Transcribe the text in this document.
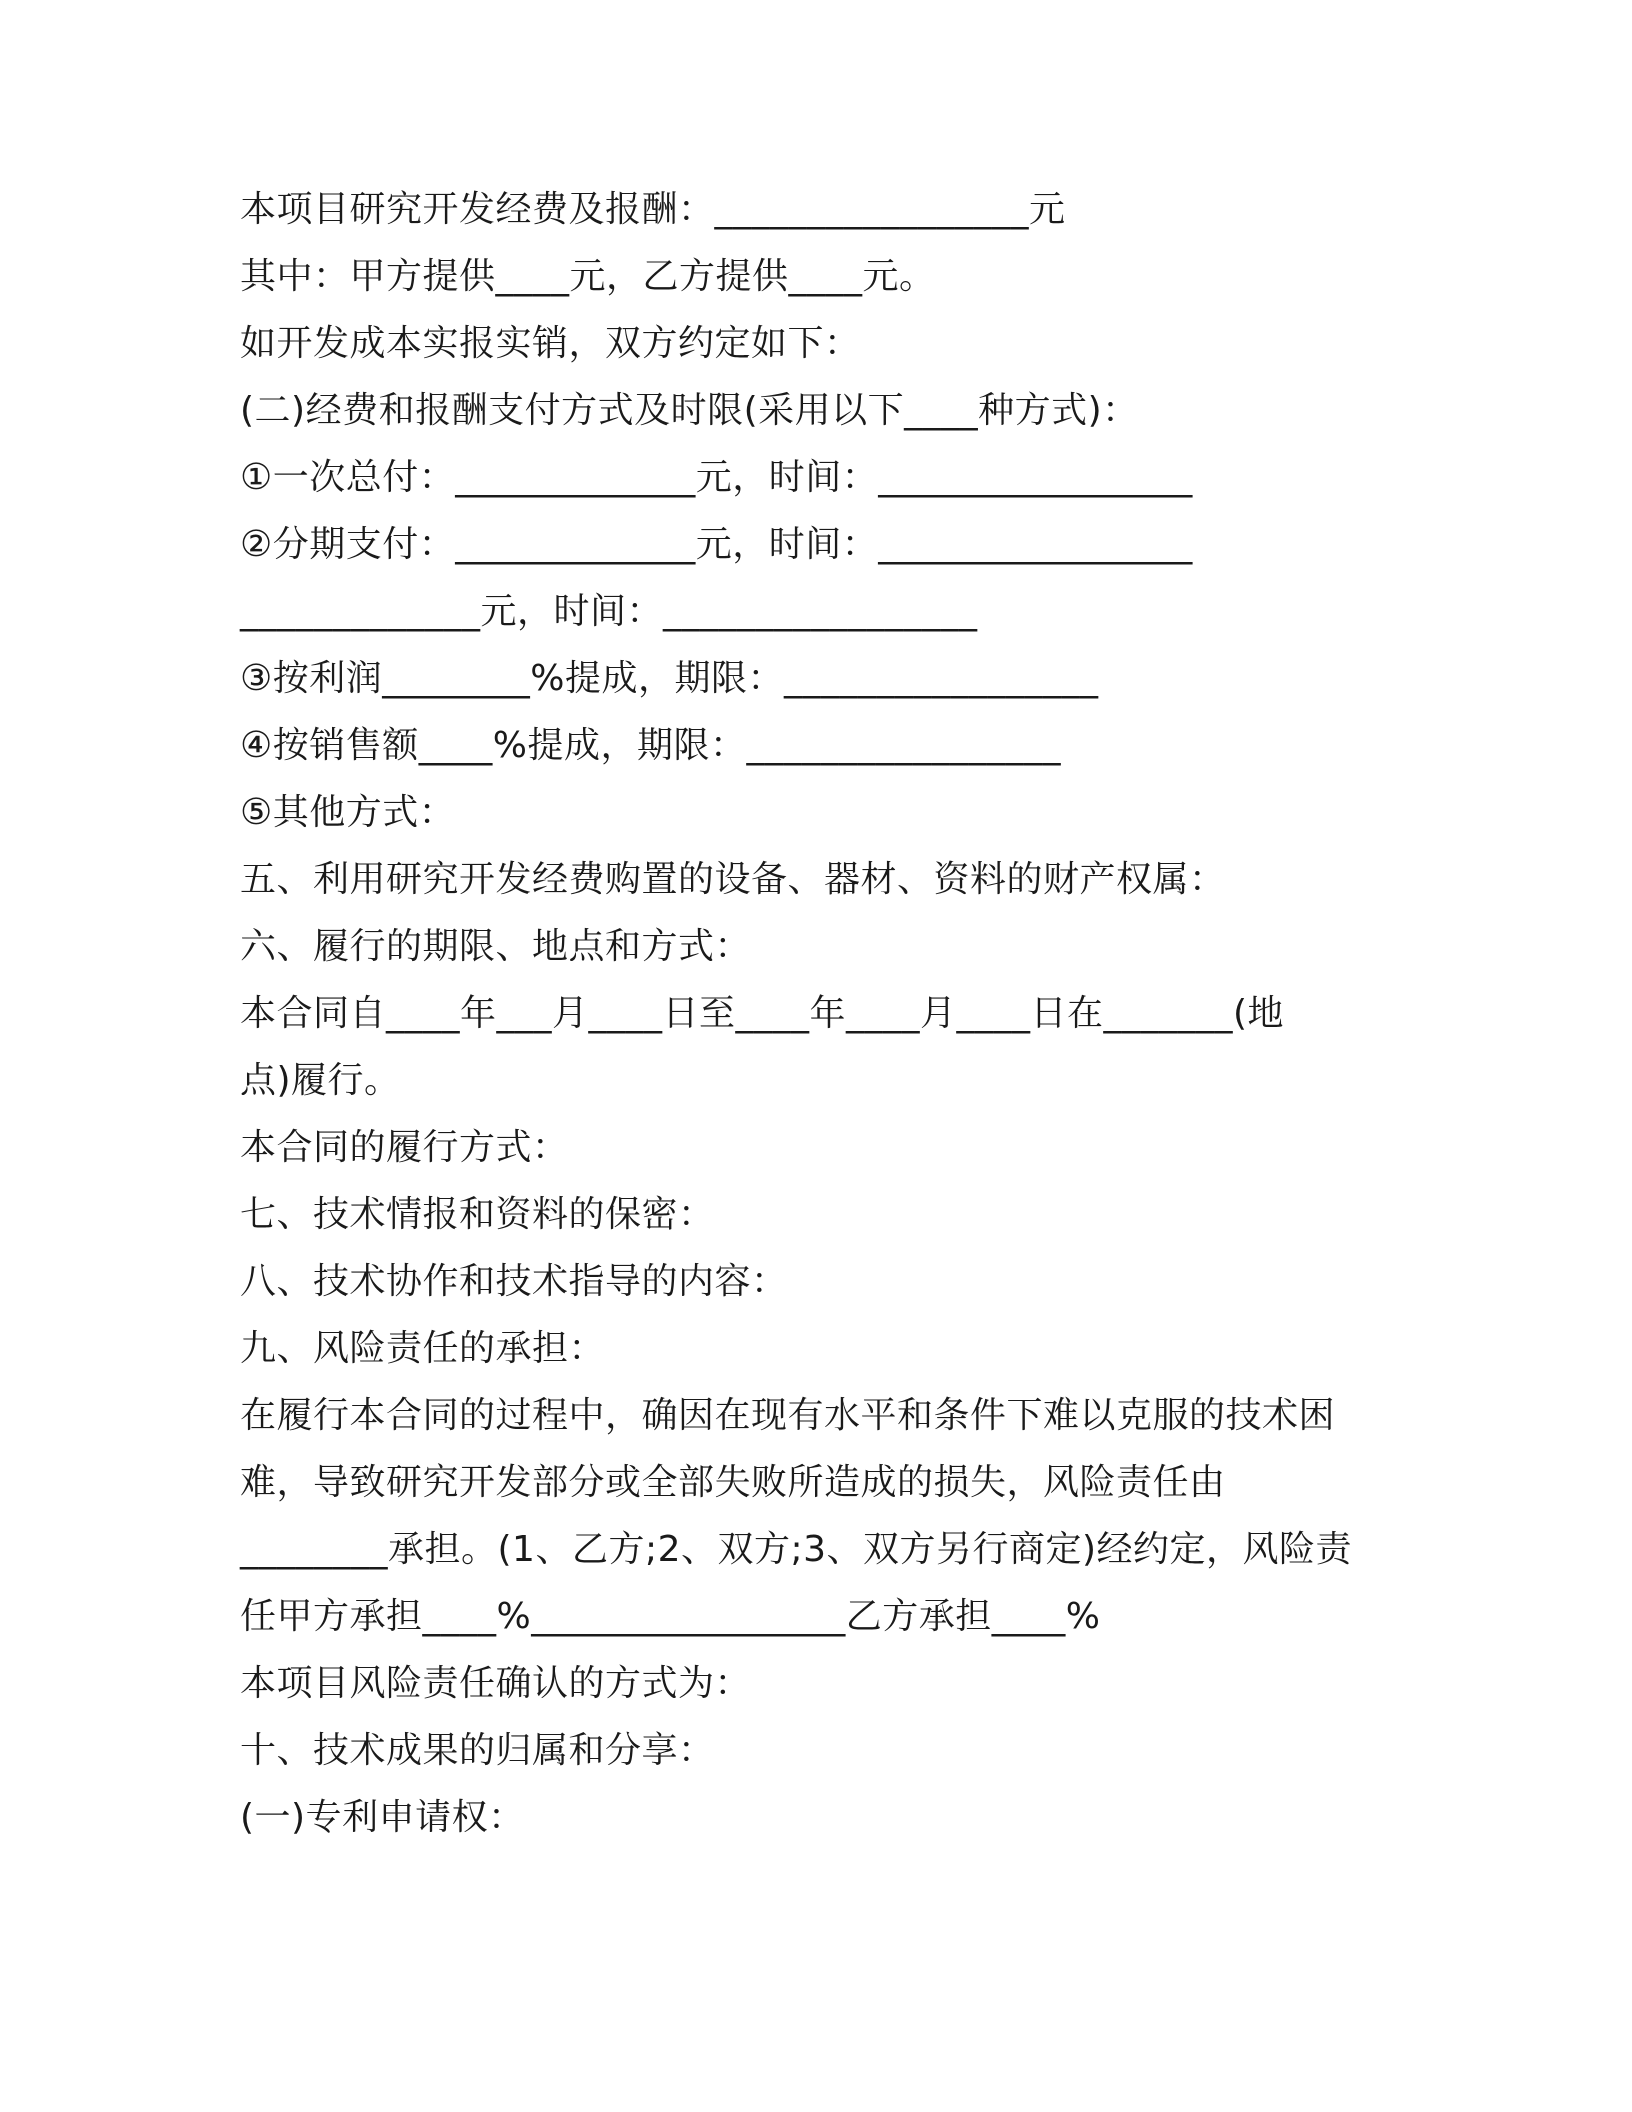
本项目研究开发经费及报酬：_________________元
其中：甲方提供____元，乙方提供____元。
如开发成本实报实销，双方约定如下：
(二)经费和报酬支付方式及时限(采用以下____种方式)：
①一次总付：_____________元，时间：_________________
②分期支付：_____________元，时间：_________________
_____________元，时间：_________________
③按利润________%提成，期限：_________________
④按销售额____%提成，期限：_________________
⑤其他方式：
五、利用研究开发经费购置的设备、器材、资料的财产权属：
六、履行的期限、地点和方式：
本合同自____年___月____日至____年____月____日在_______(地
点)履行。
本合同的履行方式：
七、技术情报和资料的保密：
八、技术协作和技术指导的内容：
九、风险责任的承担：
在履行本合同的过程中，确因在现有水平和条件下难以克服的技术困
难，导致研究开发部分或全部失败所造成的损失，风险责任由
________承担。(1、乙方;2、双方;3、双方另行商定)经约定，风险责
任甲方承担____%_________________乙方承担____%
本项目风险责任确认的方式为：
十、技术成果的归属和分享：
(一)专利申请权：
